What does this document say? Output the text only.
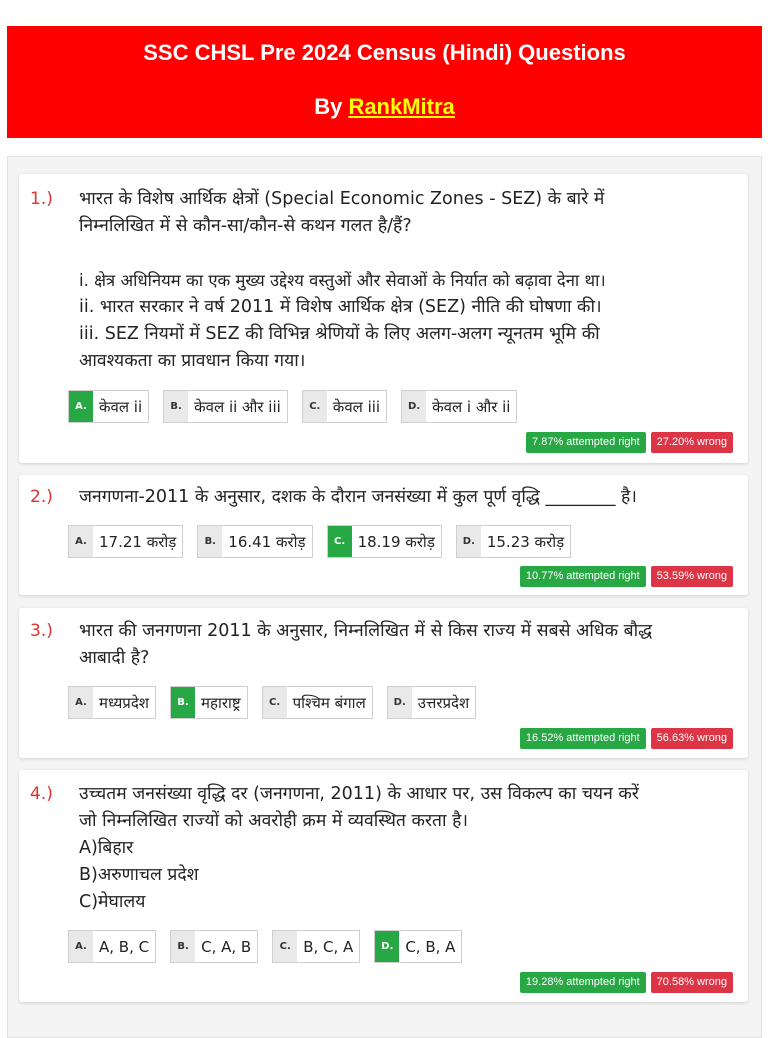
SSC CHSL Pre 2024 Census (Hindi) Questions
By RankMitra
1.) भारत के विशेष आर्थिक क्षेत्रों (Special Economic Zones - SEZ) के बारे में
निम्नलिखित में से कौन-सा/कौन-से कथन गलत है/हैं?
i. क्षेत्र अधिनियम का एक मुख्य उद्देश्य वस्तुओं और सेवाओं के निर्यात को बढ़ावा देना था।
ii. भारत सरकार ने वर्ष 2011 में विशेष आर्थिक क्षेत्र (SEZ) नीति की घोषणा की।
iii. SEZ नियमों में SEZ की विभिन्न श्रेणियों के लिए अलग-अलग न्यूनतम भूमि की
आवश्यकता का प्रावधान किया गया।
A. केवल ii	B. केवल ii और iii	C. केवल iii	D. केवल i और ii
7.87% attempted right	27.20% wrong
2.) जनगणना-2011 के अनुसार, दशक के दौरान जनसंख्या में कुल पूर्ण वृद्धि ________ है।
A. 17.21 करोड़	B. 16.41 करोड़	C. 18.19 करोड़	D. 15.23 करोड़
10.77% attempted right	53.59% wrong
3.) भारत की जनगणना 2011 के अनुसार, निम्नलिखित में से किस राज्य में सबसे अधिक बौद्ध
आबादी है?
A. मध्यप्रदेश	B. महाराष्ट्र	C. पश्चिम बंगाल	D. उत्तरप्रदेश
16.52% attempted right	56.63% wrong
4.) उच्चतम जनसंख्या वृद्धि दर (जनगणना, 2011) के आधार पर, उस विकल्प का चयन करें
जो निम्नलिखित राज्यों को अवरोही क्रम में व्यवस्थित करता है।
A)बिहार
B)अरुणाचल प्रदेश
C)मेघालय
A. A, B, C	B. C, A, B	C. B, C, A	D. C, B, A
19.28% attempted right	70.58% wrong
